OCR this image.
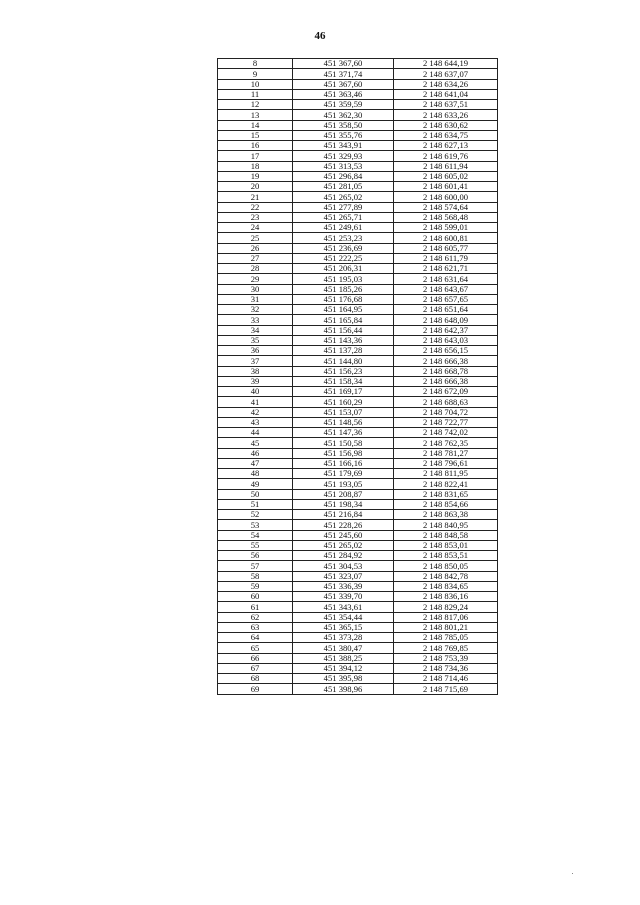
46
8	451 367,60	2 148 644,19
9	451 371,74	2 148 637,07
10	451 367,60	2 148 634,26
11	451 363,46	2 148 641,04
12	451 359,59	2 148 637,51
13	451 362,30	2 148 633,26
14	451 358,50	2 148 630,62
15	451 355,76	2 148 634,75
16	451 343,91	2 148 627,13
17	451 329,93	2 148 619,76
18	451 313,53	2 148 611,94
19	451 296,84	2 148 605,02
20	451 281,05	2 148 601,41
21	451 265,02	2 148 600,00
22	451 277,89	2 148 574,64
23	451 265,71	2 148 568,48
24	451 249,61	2 148 599,01
25	451 253,23	2 148 600,81
26	451 236,69	2 148 605,77
27	451 222,25	2 148 611,79
28	451 206,31	2 148 621,71
29	451 195,03	2 148 631,64
30	451 185,26	2 148 643,67
31	451 176,68	2 148 657,65
32	451 164,95	2 148 651,64
33	451 165,84	2 148 648,09
34	451 156,44	2 148 642,37
35	451 143,36	2 148 643,03
36	451 137,28	2 148 656,15
37	451 144,80	2 148 666,38
38	451 156,23	2 148 668,78
39	451 158,34	2 148 666,38
40	451 169,17	2 148 672,09
41	451 160,29	2 148 688,63
42	451 153,07	2 148 704,72
43	451 148,56	2 148 722,77
44	451 147,36	2 148 742,02
45	451 150,58	2 148 762,35
46	451 156,98	2 148 781,27
47	451 166,16	2 148 796,61
48	451 179,69	2 148 811,95
49	451 193,05	2 148 822,41
50	451 208,87	2 148 831,65
51	451 198,34	2 148 854,66
52	451 216,84	2 148 863,38
53	451 228,26	2 148 840,95
54	451 245,60	2 148 848,58
55	451 265,02	2 148 853,01
56	451 284,92	2 148 853,51
57	451 304,53	2 148 850,05
58	451 323,07	2 148 842,78
59	451 336,39	2 148 834,65
60	451 339,70	2 148 836,16
61	451 343,61	2 148 829,24
62	451 354,44	2 148 817,06
63	451 365,15	2 148 801,21
64	451 373,28	2 148 785,05
65	451 380,47	2 148 769,85
66	451 388,25	2 148 753,39
67	451 394,12	2 148 734,36
68	451 395,98	2 148 714,46
69	451 398,96	2 148 715,69
